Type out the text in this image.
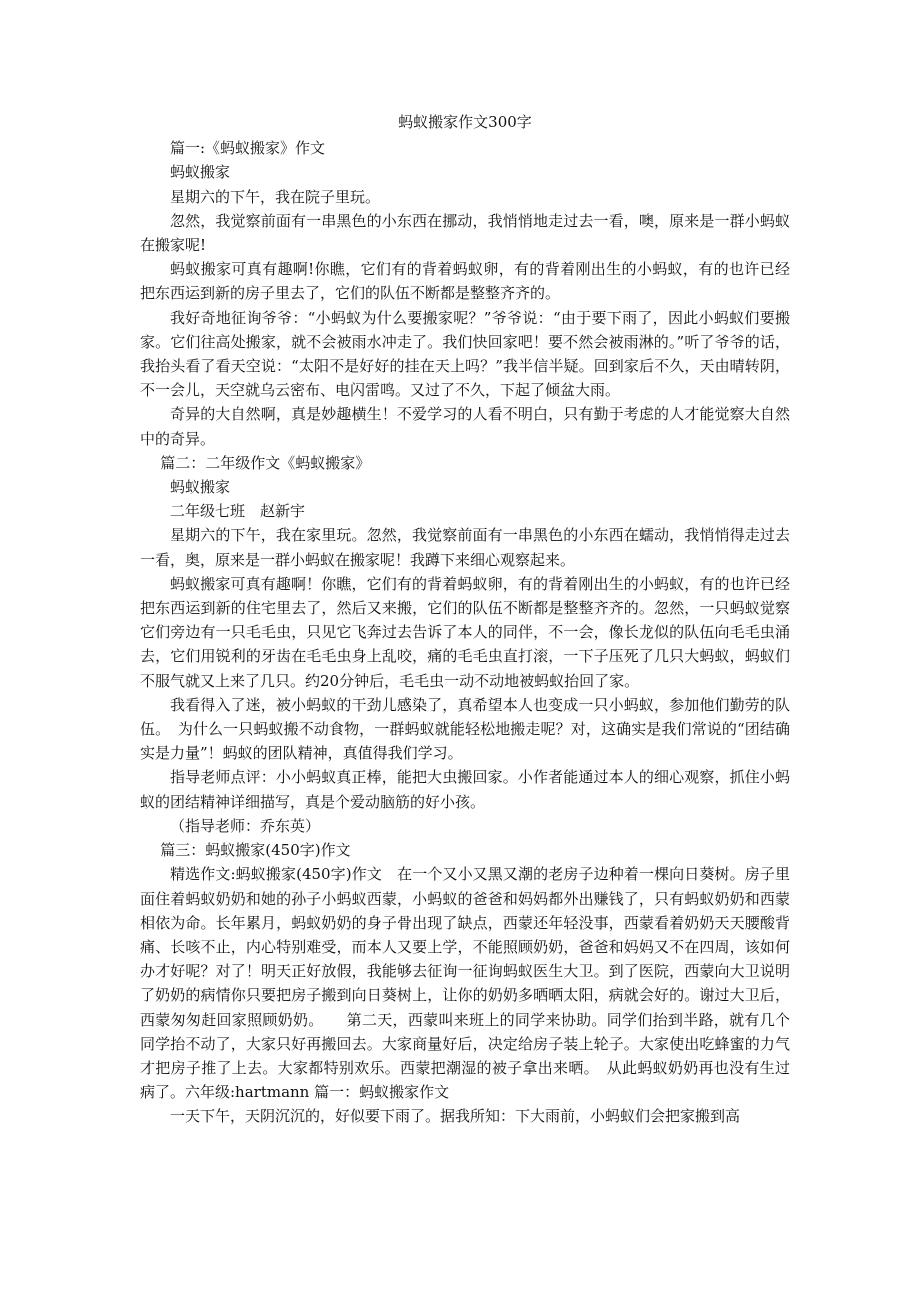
蚂蚁搬家作文300字

篇一:《蚂蚁搬家》作文

蚂蚁搬家

星期六的下午，我在院子里玩。

忽然，我觉察前面有一串黑色的小东西在挪动，我悄悄地走过去一看，噢，原来是一群小蚂蚁在搬家呢!

蚂蚁搬家可真有趣啊!你瞧，它们有的背着蚂蚁卵，有的背着刚出生的小蚂蚁，有的也许已经把东西运到新的房子里去了，它们的队伍不断都是整整齐齐的。

我好奇地征询爷爷：“小蚂蚁为什么要搬家呢？”爷爷说：“由于要下雨了，因此小蚂蚁们要搬家。它们往高处搬家，就不会被雨水冲走了。我们快回家吧！要不然会被雨淋的。”听了爷爷的话，我抬头看了看天空说：“太阳不是好好的挂在天上吗？”我半信半疑。回到家后不久，天由晴转阴，不一会儿，天空就乌云密布、电闪雷鸣。又过了不久，下起了倾盆大雨。

奇异的大自然啊，真是妙趣横生！不爱学习的人看不明白，只有勤于考虑的人才能觉察大自然中的奇异。

篇二：二年级作文《蚂蚁搬家》

蚂蚁搬家

二年级七班　赵新宇

星期六的下午，我在家里玩。忽然，我觉察前面有一串黑色的小东西在蠕动，我悄悄得走过去一看，奥，原来是一群小蚂蚁在搬家呢！我蹲下来细心观察起来。

蚂蚁搬家可真有趣啊！你瞧，它们有的背着蚂蚁卵，有的背着刚出生的小蚂蚁，有的也许已经把东西运到新的住宅里去了，然后又来搬，它们的队伍不断都是整整齐齐的。忽然，一只蚂蚁觉察它们旁边有一只毛毛虫，只见它飞奔过去告诉了本人的同伴，不一会，像长龙似的队伍向毛毛虫涌去，它们用锐利的牙齿在毛毛虫身上乱咬，痛的毛毛虫直打滚，一下子压死了几只大蚂蚁，蚂蚁们不服气就又上来了几只。约20分钟后，毛毛虫一动不动地被蚂蚁抬回了家。

我看得入了迷，被小蚂蚁的干劲儿感染了，真希望本人也变成一只小蚂蚁，参加他们勤劳的队伍。　为什么一只蚂蚁搬不动食物，一群蚂蚁就能轻松地搬走呢？对，这确实是我们常说的“团结确实是力量”！蚂蚁的团队精神，真值得我们学习。

指导老师点评：小小蚂蚁真正棒，能把大虫搬回家。小作者能通过本人的细心观察，抓住小蚂蚁的团结精神详细描写，真是个爱动脑筋的好小孩。

（指导老师：乔东英）

篇三：蚂蚁搬家(450字)作文

精选作文:蚂蚁搬家(450字)作文　在一个又小又黑又潮的老房子边种着一棵向日葵树。房子里面住着蚂蚁奶奶和她的孙子小蚂蚁西蒙，小蚂蚁的爸爸和妈妈都外出赚钱了，只有蚂蚁奶奶和西蒙相依为命。长年累月，蚂蚁奶奶的身子骨出现了缺点，西蒙还年轻没事，西蒙看着奶奶天天腰酸背痛、长咳不止，内心特别难受，而本人又要上学，不能照顾奶奶，爸爸和妈妈又不在四周，该如何办才好呢？对了！明天正好放假，我能够去征询一征询蚂蚁医生大卫。到了医院，西蒙向大卫说明了奶奶的病情你只要把房子搬到向日葵树上，让你的奶奶多晒晒太阳，病就会好的。谢过大卫后，西蒙匆匆赶回家照顾奶奶。　　第二天，西蒙叫来班上的同学来协助。同学们抬到半路，就有几个同学抬不动了，大家只好再搬回去。大家商量好后，决定给房子装上轮子。大家使出吃蜂蜜的力气才把房子推了上去。大家都特别欢乐。西蒙把潮湿的被子拿出来晒。　从此蚂蚁奶奶再也没有生过病了。六年级:hartmann 篇一：蚂蚁搬家作文

一天下午，天阴沉沉的，好似要下雨了。据我所知：下大雨前，小蚂蚁们会把家搬到高
